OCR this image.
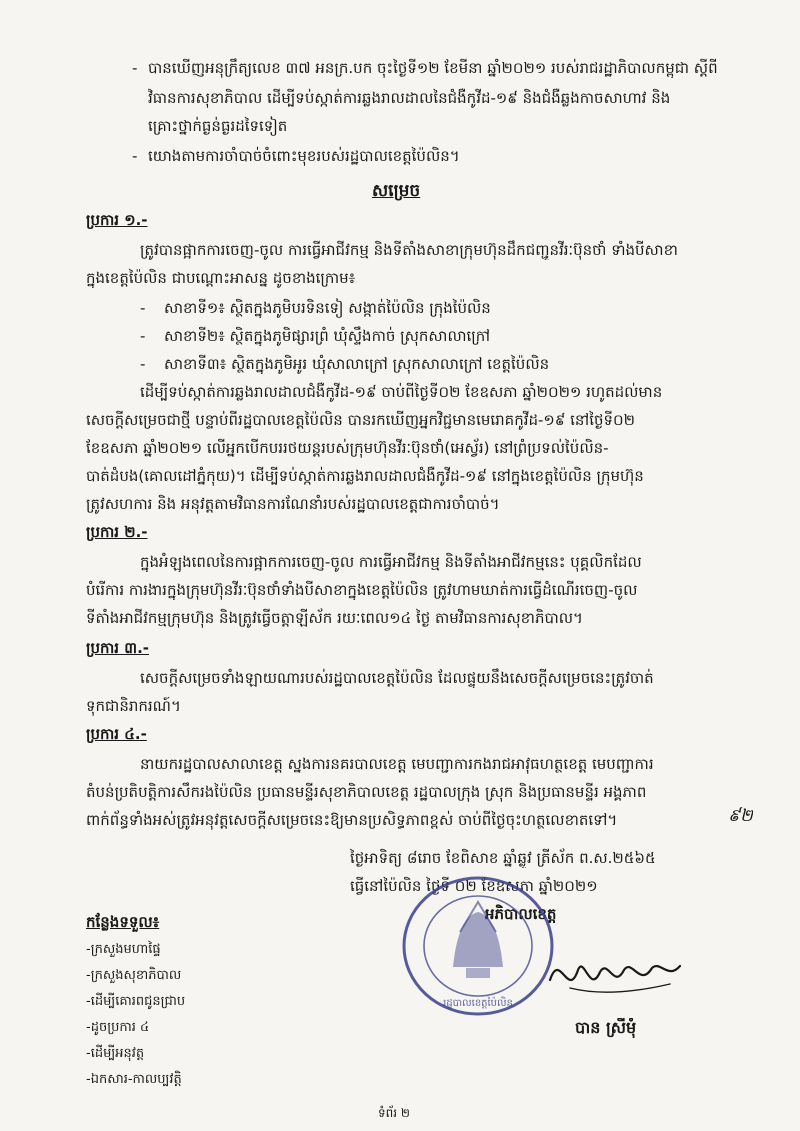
- បានឃើញអនុក្រឹត្យលេខ ៣៧ អនក្រ.បក ចុះថ្ងៃទី១២ ខែមីនា ឆ្នាំ២០២១ របស់រាជរដ្ឋាភិបាលកម្ពុជា ស្ដីពី
វិធានការសុខាភិបាល ដើម្បីទប់ស្កាត់ការឆ្លងរាលដាលនៃជំងឺកូវីដ-១៩ និងជំងឺឆ្លងកាចសាហាវ និង
គ្រោះថ្នាក់ធ្ងន់ធ្ងរដទៃទៀត
- យោងតាមការចាំបាច់ចំពោះមុខរបស់រដ្ឋបាលខេត្តប៉ៃលិន។
សម្រេច
ប្រការ ១.-
ត្រូវបានផ្អាកការចេញ-ចូល ការធ្វើអាជីវកម្ម និងទីតាំងសាខាក្រុមហ៊ុនដឹកជញ្ជូនវីរៈប៊ុនថាំ ទាំងបីសាខា
ក្នុងខេត្តប៉ៃលិន ជាបណ្ដោះអាសន្ន ដូចខាងក្រោម៖
- សាខាទី១៖ ស្ថិតក្នុងភូមិបរទិនទៀ សង្កាត់ប៉ៃលិន ក្រុងប៉ៃលិន
- សាខាទី២៖ ស្ថិតក្នុងភូមិផ្សារព្រំ ឃុំស្ទឹងកាច់ ស្រុកសាលាក្រៅ
- សាខាទី៣៖ ស្ថិតក្នុងភូមិអូរ ឃុំសាលាក្រៅ ស្រុកសាលាក្រៅ ខេត្តប៉ៃលិន
ដើម្បីទប់ស្កាត់ការឆ្លងរាលដាលជំងឺកូវីដ-១៩ ចាប់ពីថ្ងៃទី០២ ខែឧសភា ឆ្នាំ២០២១ រហូតដល់មាន
សេចក្ដីសម្រេចជាថ្មី បន្ទាប់ពីរដ្ឋបាលខេត្តប៉ៃលិន បានរកឃើញអ្នកវិជ្ជមានមេរោគកូវីដ-១៩ នៅថ្ងៃទី០២
ខែឧសភា ឆ្នាំ២០២១ លើអ្នកបើកបររថយន្តរបស់ក្រុមហ៊ុនវីរៈប៊ុនថាំ(អេស្វ័រ) នៅព្រំប្រទល់ប៉ៃលិន-
បាត់ដំបង(គោលដៅភ្នំកុយ)។ ដើម្បីទប់ស្កាត់ការឆ្លងរាលដាលជំងឺកូវីដ-១៩ នៅក្នុងខេត្តប៉ៃលិន ក្រុមហ៊ុន
ត្រូវសហការ និង អនុវត្តតាមវិធានការណែនាំរបស់រដ្ឋបាលខេត្តជាការចាំបាច់។
ប្រការ ២.-
ក្នុងអំឡុងពេលនៃការផ្អាកការចេញ-ចូល ការធ្វើអាជីវកម្ម និងទីតាំងអាជីវកម្មនេះ បុគ្គលិកដែល
បំរើការ ការងារក្នុងក្រុមហ៊ុនវីរៈប៊ុនថាំទាំងបីសាខាក្នុងខេត្តប៉ៃលិន ត្រូវហាមឃាត់ការធ្វើដំណើរចេញ-ចូល
ទីតាំងអាជីវកម្មក្រុមហ៊ុន និងត្រូវធ្វើចត្តាឡីស័ក រយៈពេល១៤ ថ្ងៃ តាមវិធានការសុខាភិបាល។
ប្រការ ៣.-
សេចក្ដីសម្រេចទាំងឡាយណារបស់រដ្ឋបាលខេត្តប៉ៃលិន ដែលផ្ទុយនឹងសេចក្ដីសម្រេចនេះត្រូវចាត់
ទុកជានិរាករណ៍។
ប្រការ ៤.-
នាយករដ្ឋបាលសាលាខេត្ត ស្នងការនគរបាលខេត្ត មេបញ្ជាការកងរាជអាវុធហត្ថខេត្ត មេបញ្ជាការ
តំបន់ប្រតិបត្តិការសឹករងប៉ៃលិន ប្រធានមន្ទីរសុខាភិបាលខេត្ត រដ្ឋបាលក្រុង ស្រុក និងប្រធានមន្ទីរ អង្គភាព
ពាក់ព័ន្ធទាំងអស់ត្រូវអនុវត្តសេចក្ដីសម្រេចនេះឱ្យមានប្រសិទ្ធភាពខ្ពស់ ចាប់ពីថ្ងៃចុះហត្ថលេខាតទៅ។	៩២
ថ្ងៃអាទិត្យ ៨រោច ខែពិសាខ ឆ្នាំឆ្លូវ ត្រីស័ក ព.ស.២៥៦៥
ធ្វើនៅប៉ៃលិន ថ្ងៃទី ០២ ខែឧសភា ឆ្នាំ២០២១
អភិបាលខេត្ត
រដ្ឋបាលខេត្តប៉ៃលិន
បាន ស្រីមុំ
កន្លែងទទួល៖
-ក្រសួងមហាផ្ទៃ
-ក្រសួងសុខាភិបាល
-ដើម្បីគោរពជូនជ្រាប
-ដូចប្រការ ៤
-ដើម្បីអនុវត្ត
-ឯកសារ-កាលប្បវត្តិ
ទំព័រ ២
